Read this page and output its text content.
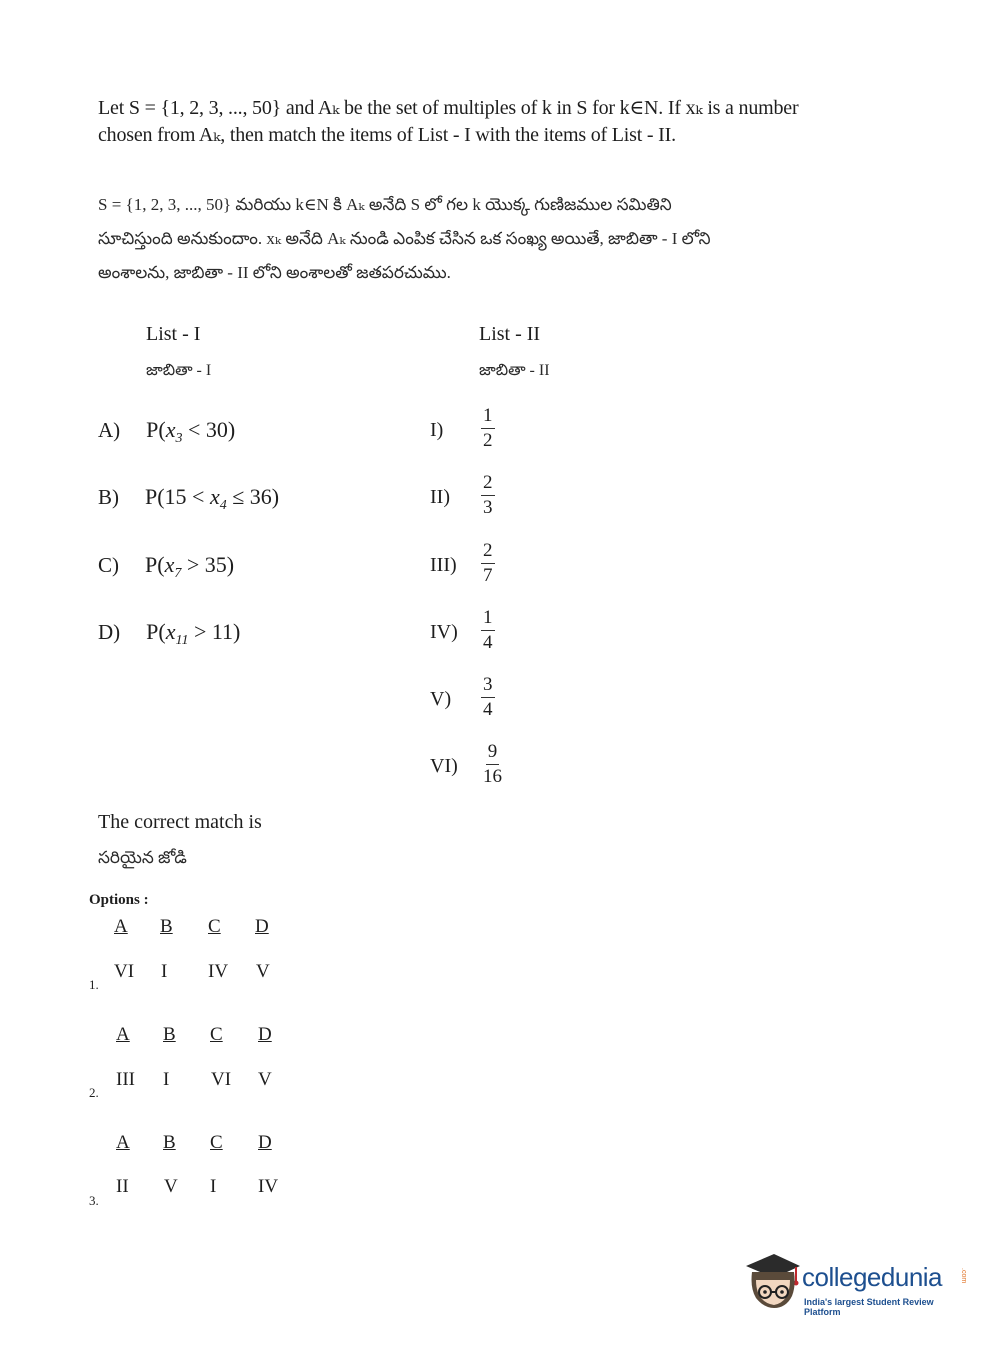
Let S = {1, 2, 3, ..., 50} and Aₖ be the set of multiples of k in S for k∈N. If xₖ is a number
chosen from Aₖ, then match the items of List - I with the items of List - II.
S = {1, 2, 3, ..., 50} మరియు k∈N కి Aₖ అనేది S లో గల k యొక్క గుణిజముల సమితిని
సూచిస్తుంది అనుకుందాం. xₖ అనేది Aₖ నుండి ఎంపిక చేసిన ఒక సంఖ్య అయితే, జాబితా - I లోని
అంశాలను, జాబితా - II లోని అంశాలతో జతపరచుము.
List - I
జాబితా - I
List - II
జాబితా - II
A) $P(x_3 < 30)$
B) $P(15 < x_4 \le 36)$
C) $P(x_7 > 35)$
D) $P(x_{11} > 11)$
$I) \frac{1}{2}$
$II) \frac{2}{3}$
$III) \frac{2}{7}$
$IV) \frac{1}{4}$
$V) \frac{3}{4}$
$VI) \frac{9}{16}$
The correct match is
సరియైన జోడి
Options :
A B C D
VI I IV V
1.
A B C D
III I VI V
2.
A B C D
II V I IV
3.
collegedunia	.com
India's largest Student Review Platform
